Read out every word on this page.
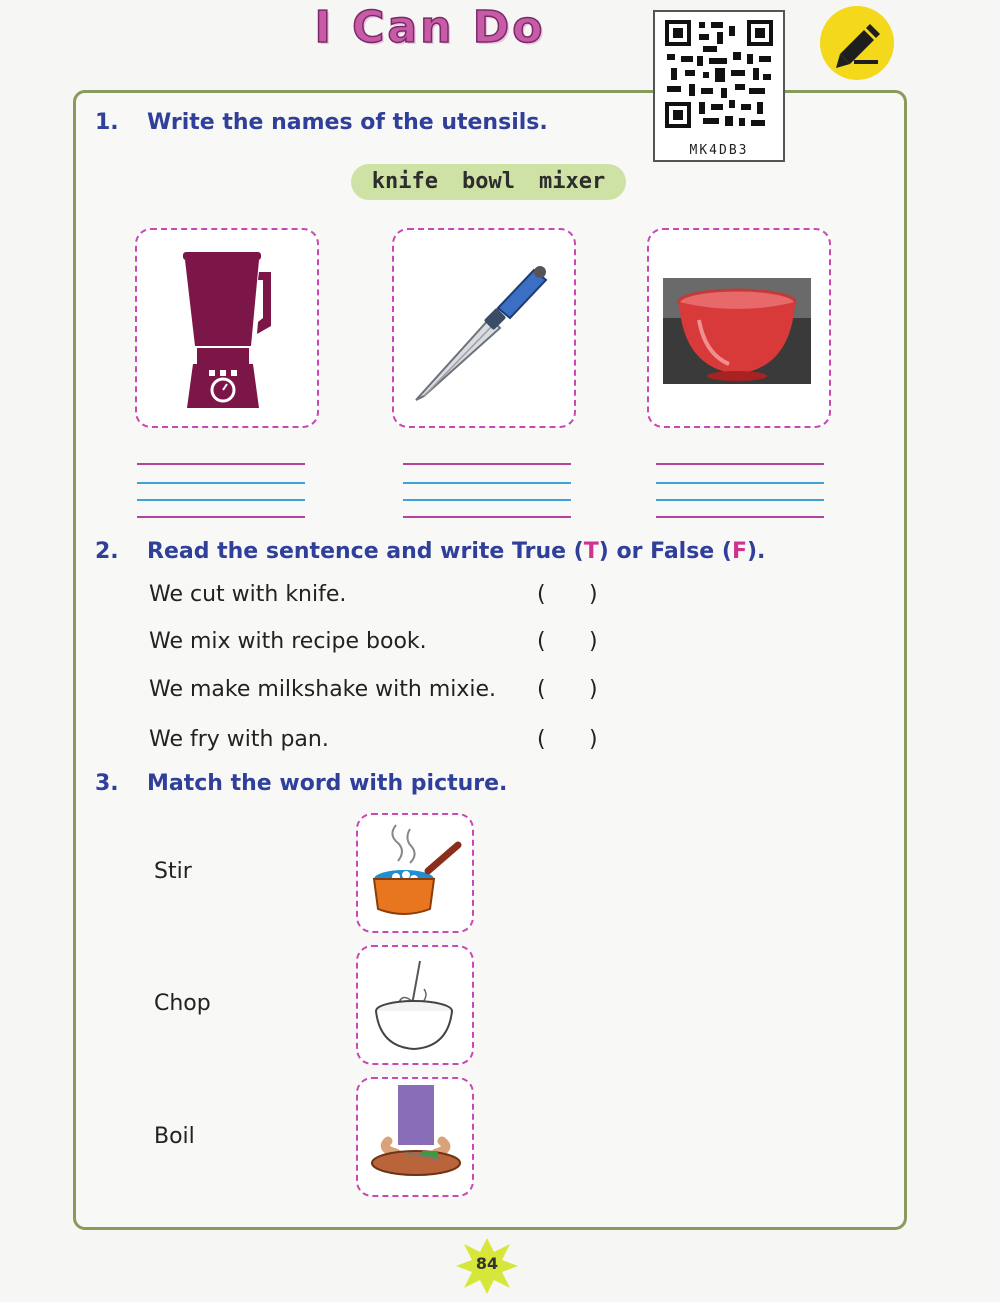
I Can Do
MK4DB3
1. Write the names of the utensils.
knife bowl mixer
2. Read the sentence and write True (T) or False (F).
We cut with knife.
We mix with recipe book.
We make milkshake with mixie.
We fry with pan.
( )
( )
( )
( )
3. Match the word with picture.
Stir
Chop
Boil
84
